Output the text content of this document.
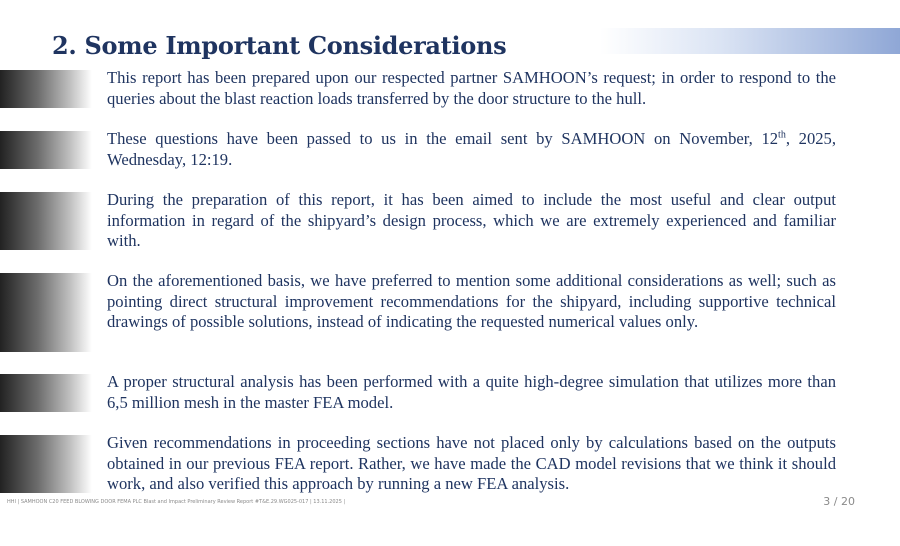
2. Some Important Considerations

This report has been prepared upon our respected partner SAMHOON’s request; in order to respond to the queries about the blast reaction loads transferred by the door structure to the hull.

These questions have been passed to us in the email sent by SAMHOON on November, 12th, 2025, Wednesday, 12:19.

During the preparation of this report, it has been aimed to include the most useful and clear output information in regard of the shipyard’s design process, which we are extremely experienced and familiar with.

On the aforementioned basis, we have preferred to mention some additional considerations as well; such as pointing direct structural improvement recommendations for the shipyard, including supportive technical drawings of possible solutions, instead of indicating the requested numerical values only.

A proper structural analysis has been performed with a quite high-degree simulation that utilizes more than 6,5 million mesh in the master FEA model.

Given recommendations in proceeding sections have not placed only by calculations based on the outputs obtained in our previous FEA report. Rather, we have made the CAD model revisions that we think it should work, and also verified this approach by running a new FEA analysis.

HHI | SAMHOON C20 FEED BLOWING DOOR FEMA PLC Blast and Impact Preliminary Review Report #T&E.29.WG025-017 | 13.11.2025 |	3 / 20
